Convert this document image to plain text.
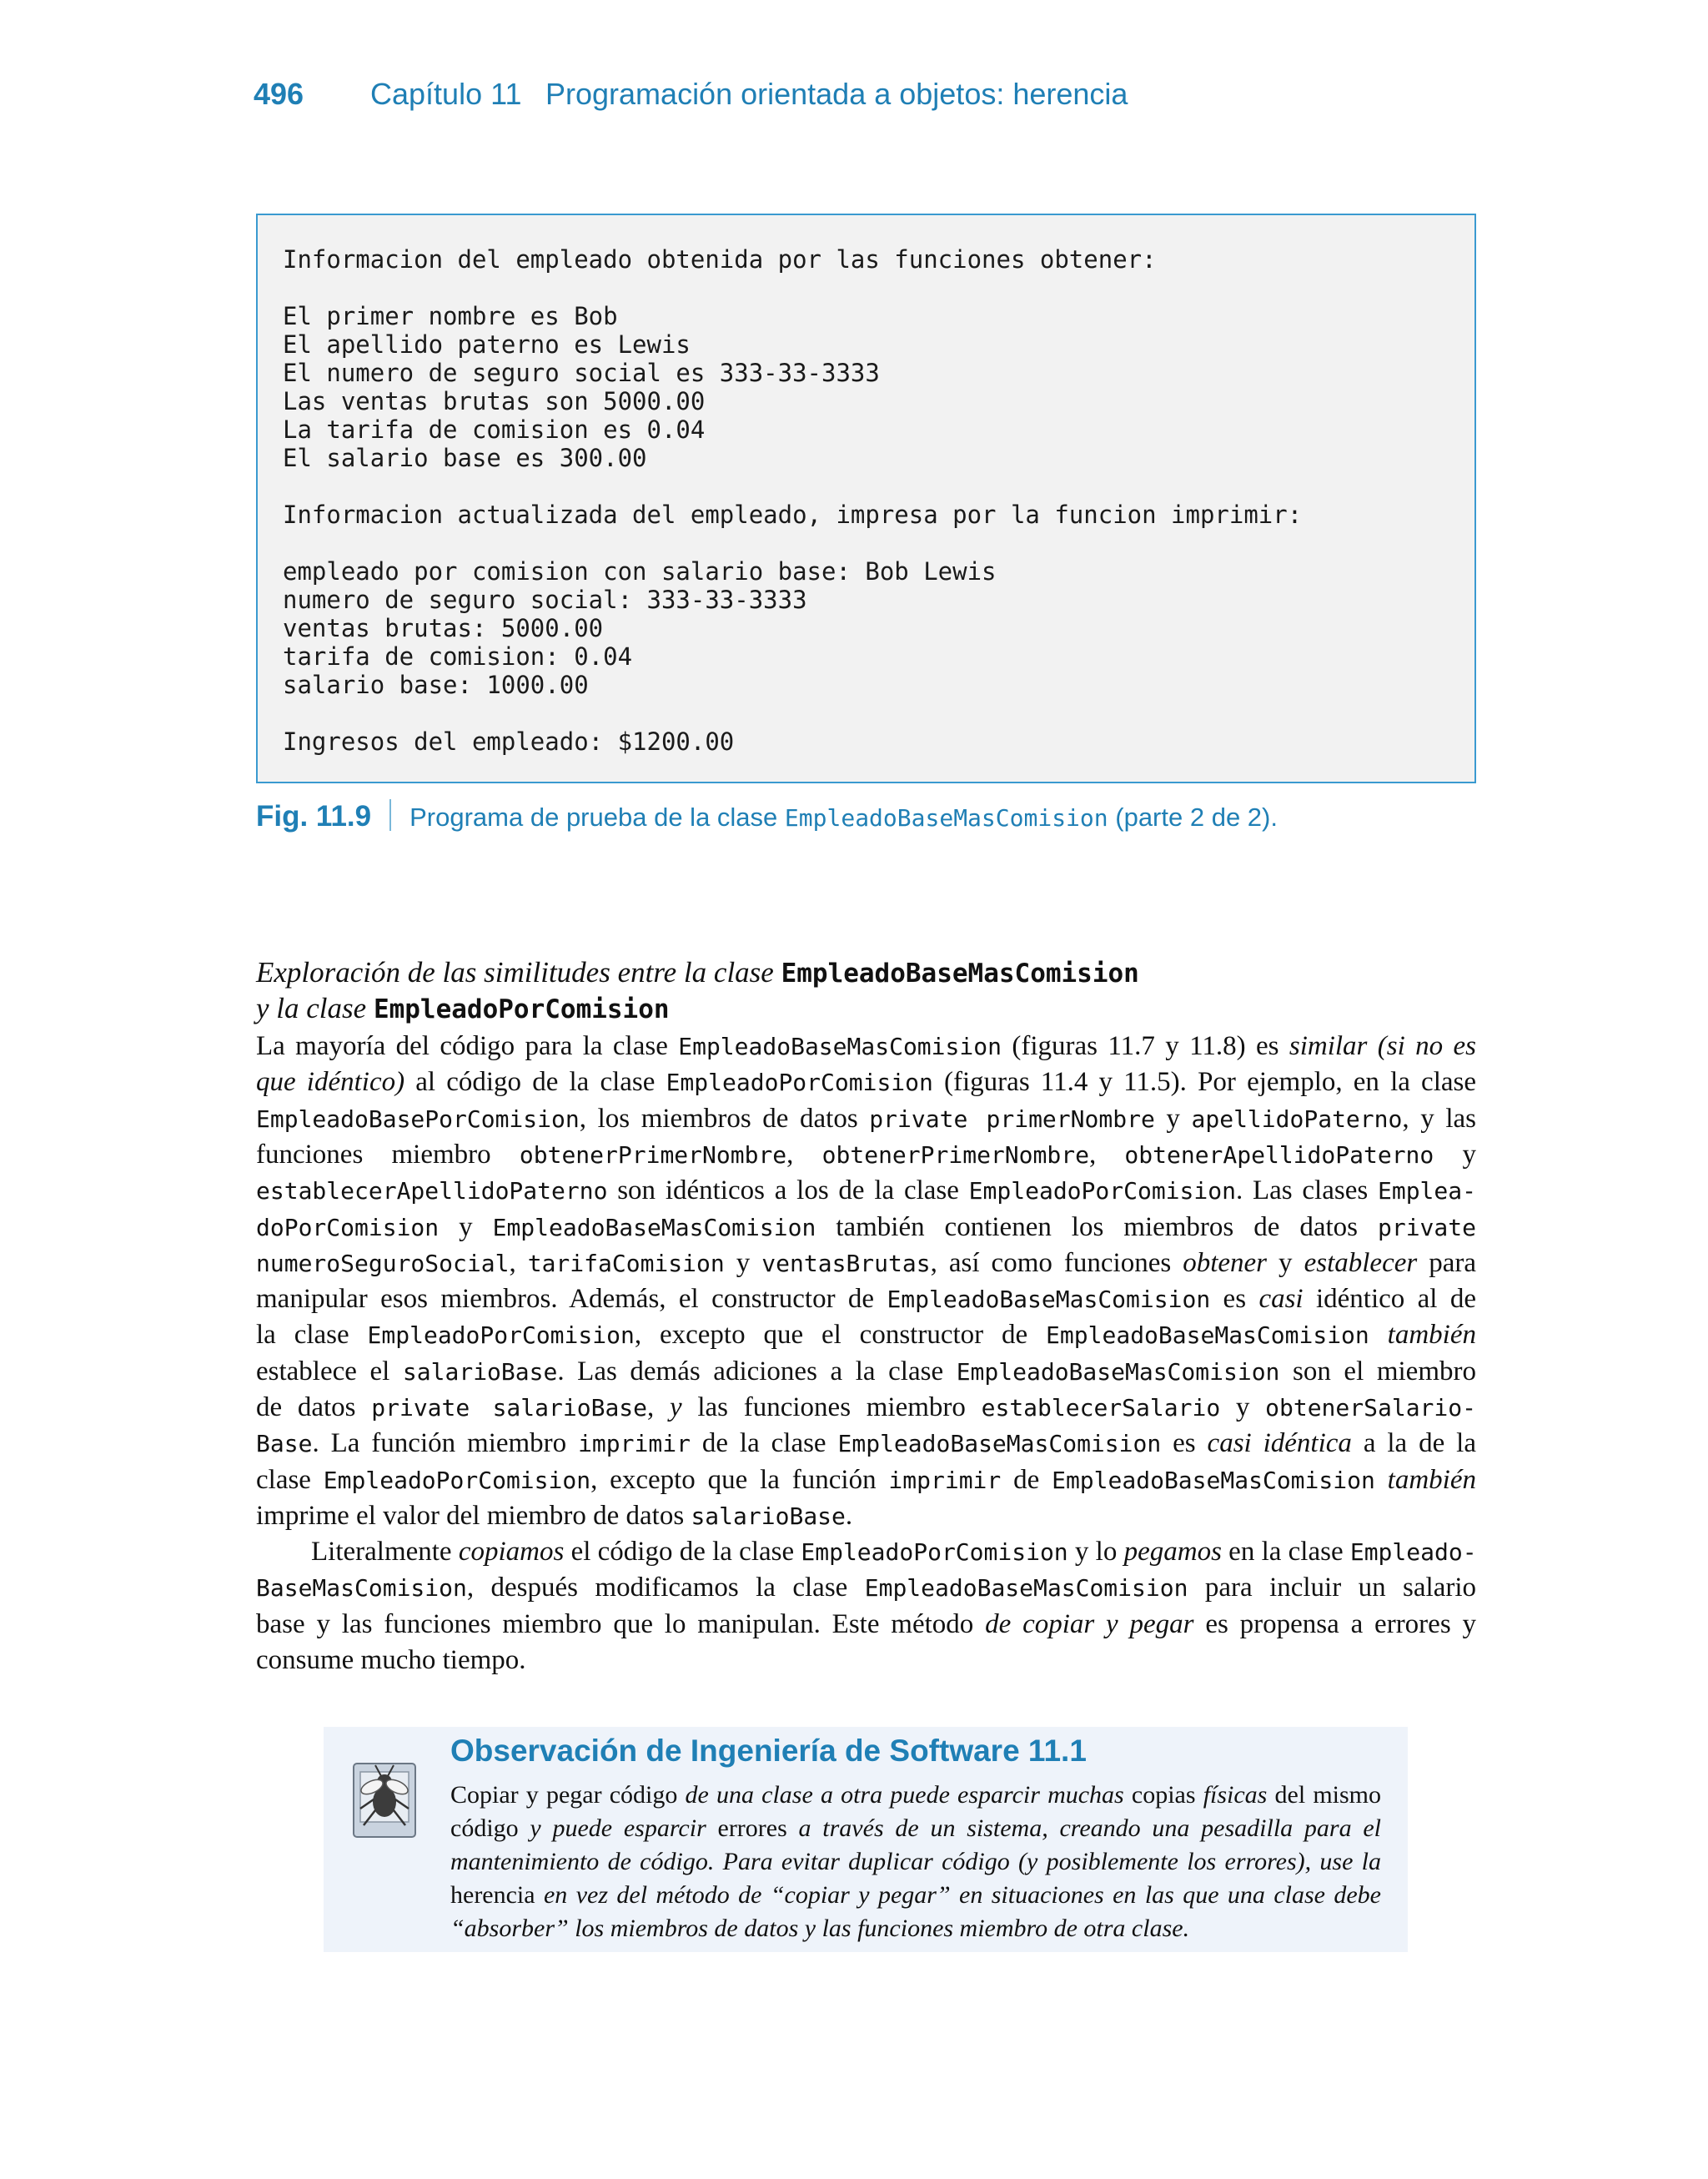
496 Capítulo 11 Programación orientada a objetos: herencia
Informacion del empleado obtenida por las funciones obtener:
El primer nombre es Bob
El apellido paterno es Lewis
El numero de seguro social es 333-33-3333
Las ventas brutas son 5000.00
La tarifa de comision es 0.04
El salario base es 300.00
Informacion actualizada del empleado, impresa por la funcion imprimir:
empleado por comision con salario base: Bob Lewis
numero de seguro social: 333-33-3333
ventas brutas: 5000.00
tarifa de comision: 0.04
salario base: 1000.00
Ingresos del empleado: $1200.00
Fig. 11.9 Programa de prueba de la clase EmpleadoBaseMasComision (parte 2 de 2).
Exploración de las similitudes entre la clase EmpleadoBaseMasComision
y la clase EmpleadoPorComision
La mayoría del código para la clase EmpleadoBaseMasComision (figuras 11.7 y 11.8) es similar (si no es
que idéntico) al código de la clase EmpleadoPorComision (figuras 11.4 y 11.5). Por ejemplo, en la clase
EmpleadoBasePorComision, los miembros de datos private primerNombre y apellidoPaterno, y las
funciones miembro obtenerPrimerNombre, obtenerPrimerNombre, obtenerApellidoPaterno y
establecerApellidoPaterno son idénticos a los de la clase EmpleadoPorComision. Las clases Emplea-
doPorComision y EmpleadoBaseMasComision también contienen los miembros de datos private
numeroSeguroSocial, tarifaComision y ventasBrutas, así como funciones obtener y establecer para
manipular esos miembros. Además, el constructor de EmpleadoBaseMasComision es casi idéntico al de
la clase EmpleadoPorComision, excepto que el constructor de EmpleadoBaseMasComision también
establece el salarioBase. Las demás adiciones a la clase EmpleadoBaseMasComision son el miembro
de datos private salarioBase, y las funciones miembro establecerSalario y obtenerSalario-
Base. La función miembro imprimir de la clase EmpleadoBaseMasComision es casi idéntica a la de la
clase EmpleadoPorComision, excepto que la función imprimir de EmpleadoBaseMasComision también
imprime el valor del miembro de datos salarioBase.
Literalmente copiamos el código de la clase EmpleadoPorComision y lo pegamos en la clase Empleado-
BaseMasComision, después modificamos la clase EmpleadoBaseMasComision para incluir un salario
base y las funciones miembro que lo manipulan. Este método de copiar y pegar es propensa a errores y
consume mucho tiempo.
Observación de Ingeniería de Software 11.1
Copiar y pegar código de una clase a otra puede esparcir muchas copias físicas del mismo
código y puede esparcir errores a través de un sistema, creando una pesadilla para el
mantenimiento de código. Para evitar duplicar código (y posiblemente los errores), use la
herencia en vez del método de “copiar y pegar” en situaciones en las que una clase debe
“absorber” los miembros de datos y las funciones miembro de otra clase.
